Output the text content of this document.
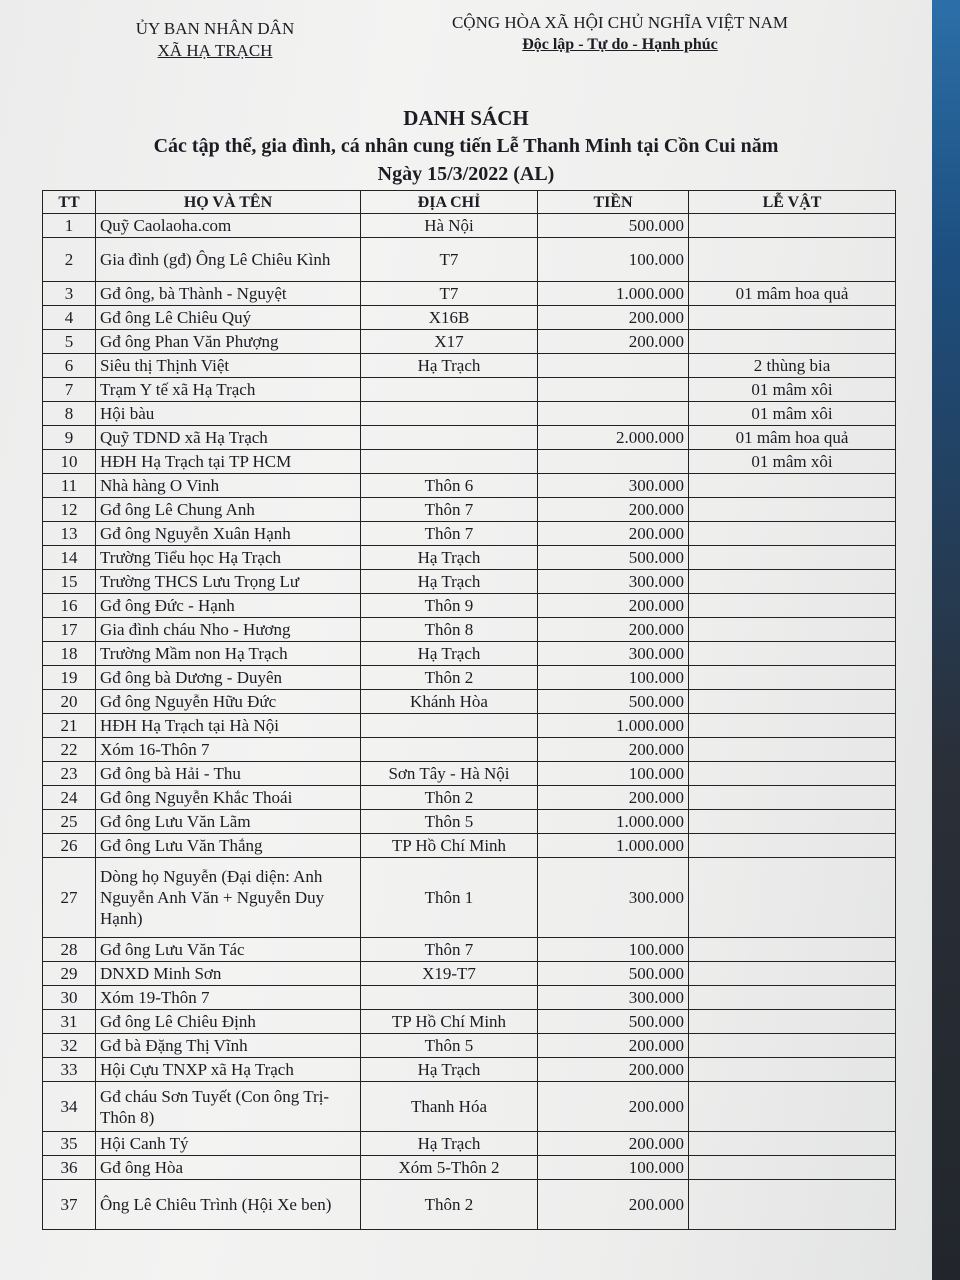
ỦY BAN NHÂN DÂN
XÃ HẠ TRẠCH
CỘNG HÒA XÃ HỘI CHỦ NGHĨA VIỆT NAM
Độc lập - Tự do - Hạnh phúc
DANH SÁCH
Các tập thể, gia đình, cá nhân cung tiến Lễ Thanh Minh tại Cồn Cui năm
Ngày 15/3/2022 (AL)
TT	HỌ VÀ TÊN	ĐỊA CHỈ	TIỀN	LỄ VẬT
1	Quỹ Caolaoha.com	Hà Nội	500.000	
2	Gia đình (gđ) Ông Lê Chiêu Kình	T7	100.000	
3	Gđ ông, bà Thành - Nguyệt	T7	1.000.000	01 mâm hoa quả
4	Gđ ông Lê Chiêu Quý	X16B	200.000	
5	Gđ ông Phan Văn Phượng	X17	200.000	
6	Siêu thị Thịnh Việt	Hạ Trạch		2 thùng bia
7	Trạm Y tế xã Hạ Trạch			01 mâm xôi
8	Hội bàu			01 mâm xôi
9	Quỹ TDND xã Hạ Trạch		2.000.000	01 mâm hoa quả
10	HĐH Hạ Trạch tại TP HCM			01 mâm xôi
11	Nhà hàng O Vinh	Thôn 6	300.000	
12	Gđ ông Lê Chung Anh	Thôn 7	200.000	
13	Gđ ông Nguyễn Xuân Hạnh	Thôn 7	200.000	
14	Trường Tiểu học Hạ Trạch	Hạ Trạch	500.000	
15	Trường THCS Lưu Trọng Lư	Hạ Trạch	300.000	
16	Gđ ông Đức - Hạnh	Thôn 9	200.000	
17	Gia đình cháu Nho - Hương	Thôn 8	200.000	
18	Trường Mầm non Hạ Trạch	Hạ Trạch	300.000	
19	Gđ ông bà Dương - Duyên	Thôn 2	100.000	
20	Gđ ông Nguyễn Hữu Đức	Khánh Hòa	500.000	
21	HĐH Hạ Trạch tại Hà Nội		1.000.000	
22	Xóm 16-Thôn 7		200.000	
23	Gđ ông bà Hải - Thu	Sơn Tây - Hà Nội	100.000	
24	Gđ ông Nguyễn Khắc Thoái	Thôn 2	200.000	
25	Gđ ông Lưu Văn Lãm	Thôn 5	1.000.000	
26	Gđ ông Lưu Văn Thắng	TP Hồ Chí Minh	1.000.000	
27	Dòng họ Nguyễn (Đại diện: Anh Nguyễn Anh Văn + Nguyễn Duy Hạnh)	Thôn 1	300.000	
28	Gđ ông Lưu Văn Tác	Thôn 7	100.000	
29	DNXD Minh Sơn	X19-T7	500.000	
30	Xóm 19-Thôn 7		300.000	
31	Gđ ông Lê Chiêu Định	TP Hồ Chí Minh	500.000	
32	Gđ bà Đặng Thị Vĩnh	Thôn 5	200.000	
33	Hội Cựu TNXP xã Hạ Trạch	Hạ Trạch	200.000	
34	Gđ cháu Sơn Tuyết (Con ông Trị-Thôn 8)	Thanh Hóa	200.000	
35	Hội Canh Tý	Hạ Trạch	200.000	
36	Gđ ông Hòa	Xóm 5-Thôn 2	100.000	
37	Ông Lê Chiêu Trình (Hội Xe ben)	Thôn 2	200.000	
